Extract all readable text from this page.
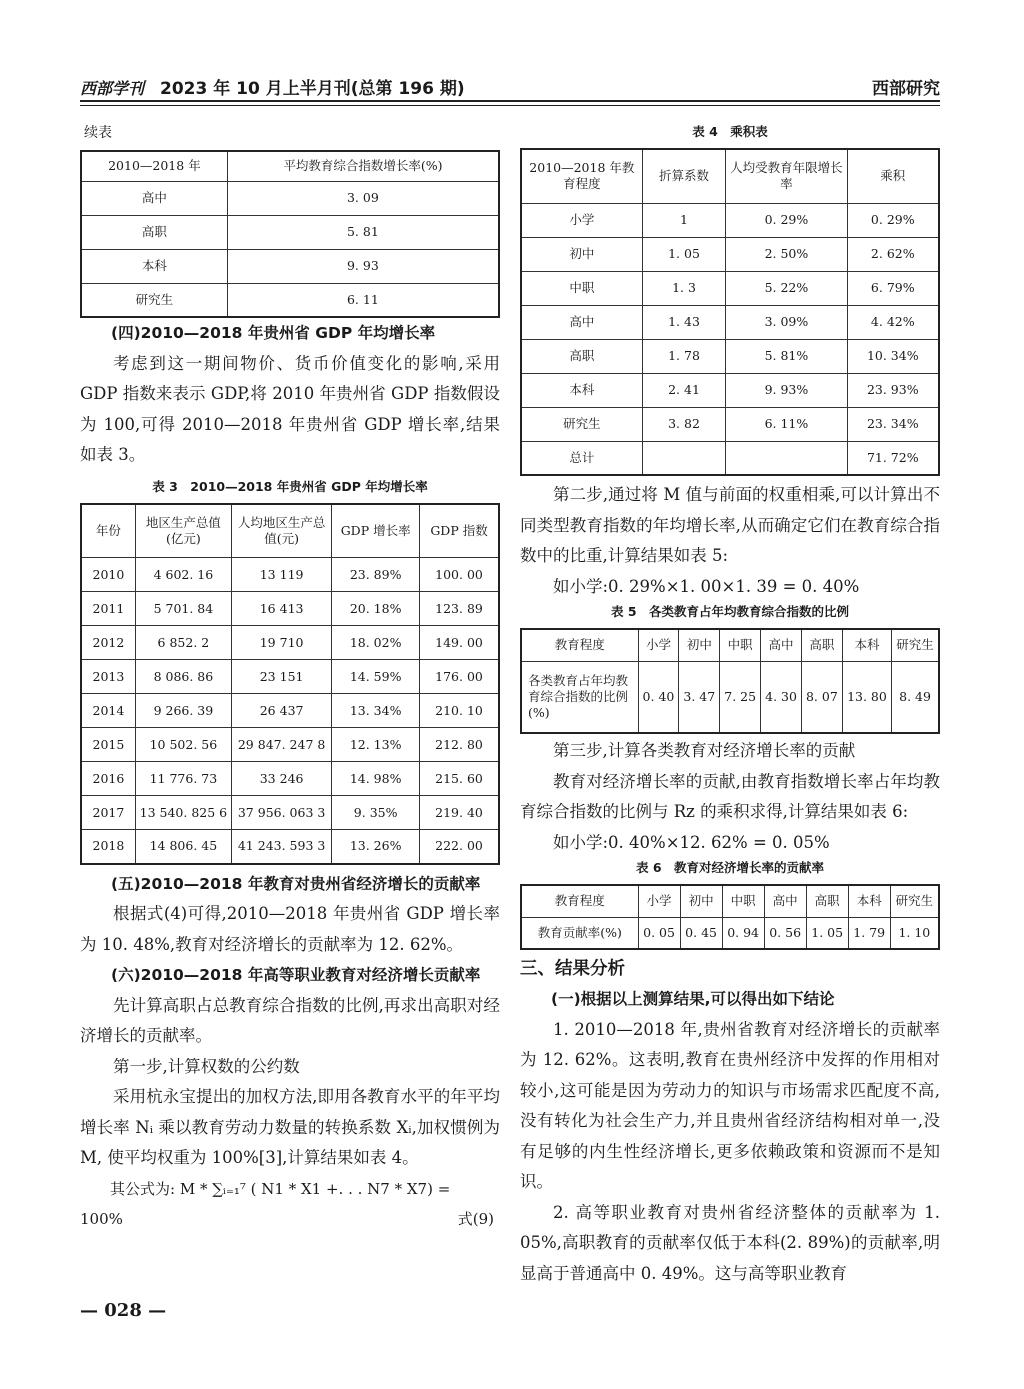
西部学刊 2023 年 10 月上半月刊(总第 196 期)	西部研究
续表
2010—2018 年	平均教育综合指数增长率(%)
高中	3. 09
高职	5. 81
本科	9. 93
研究生	6. 11
(四)2010—2018 年贵州省 GDP 年均增长率

考虑到这一期间物价、货币价值变化的影响,采用 GDP 指数来表示 GDP,将 2010 年贵州省 GDP 指数假设为 100,可得 2010—2018 年贵州省 GDP 增长率,结果如表 3。

表 3　2010—2018 年贵州省 GDP 年均增长率
年份	地区生产总值(亿元)	人均地区生产总值(元)	GDP 增长率	GDP 指数
2010	4 602. 16	13 119	23. 89%	100. 00
2011	5 701. 84	16 413	20. 18%	123. 89
2012	6 852. 2	19 710	18. 02%	149. 00
2013	8 086. 86	23 151	14. 59%	176. 00
2014	9 266. 39	26 437	13. 34%	210. 10
2015	10 502. 56	29 847. 247 8	12. 13%	212. 80
2016	11 776. 73	33 246	14. 98%	215. 60
2017	13 540. 825 6	37 956. 063 3	9. 35%	219. 40
2018	14 806. 45	41 243. 593 3	13. 26%	222. 00
(五)2010—2018 年教育对贵州省经济增长的贡献率

根据式(4)可得,2010—2018 年贵州省 GDP 增长率为 10. 48%,教育对经济增长的贡献率为 12. 62%。

(六)2010—2018 年高等职业教育对经济增长贡献率

先计算高职占总教育综合指数的比例,再求出高职对经济增长的贡献率。

第一步,计算权数的公约数

采用杭永宝提出的加权方法,即用各教育水平的年平均增长率 Nᵢ 乘以教育劳动力数量的转换系数 Xᵢ,加权惯例为 M, 使平均权重为 100%[3],计算结果如表 4。

其公式为: M * ∑ᵢ₌₁⁷ ( N1 * X1 +. . . N7 * X7) =
100%	式(9)
— 028 —
表 4　乘积表
2010—2018 年教育程度	折算系数	人均受教育年限增长率	乘积
小学	1	0. 29%	0. 29%
初中	1. 05	2. 50%	2. 62%
中职	1. 3	5. 22%	6. 79%
高中	1. 43	3. 09%	4. 42%
高职	1. 78	5. 81%	10. 34%
本科	2. 41	9. 93%	23. 93%
研究生	3. 82	6. 11%	23. 34%
总计			71. 72%

第二步,通过将 M 值与前面的权重相乘,可以计算出不同类型教育指数的年均增长率,从而确定它们在教育综合指数中的比重,计算结果如表 5:

如小学:0. 29%×1. 00×1. 39 = 0. 40%

表 5　各类教育占年均教育综合指数的比例
教育程度	小学	初中	中职	高中	高职	本科	研究生
各类教育占年均教育综合指数的比例(%)	0. 40	3. 47	7. 25	4. 30	8. 07	13. 80	8. 49

第三步,计算各类教育对经济增长率的贡献

教育对经济增长率的贡献,由教育指数增长率占年均教育综合指数的比例与 Rz 的乘积求得,计算结果如表 6:

如小学:0. 40%×12. 62% = 0. 05%

表 6　教育对经济增长率的贡献率
教育程度	小学	初中	中职	高中	高职	本科	研究生
教育贡献率(%)	0. 05	0. 45	0. 94	0. 56	1. 05	1. 79	1. 10
三、结果分析
(一)根据以上测算结果,可以得出如下结论

1. 2010—2018 年,贵州省教育对经济增长的贡献率为 12. 62%。这表明,教育在贵州经济中发挥的作用相对较小,这可能是因为劳动力的知识与市场需求匹配度不高,没有转化为社会生产力,并且贵州省经济结构相对单一,没有足够的内生性经济增长,更多依赖政策和资源而不是知识。

2. 高等职业教育对贵州省经济整体的贡献率为 1. 05%,高职教育的贡献率仅低于本科(2. 89%)的贡献率,明显高于普通高中 0. 49%。这与高等职业教育
